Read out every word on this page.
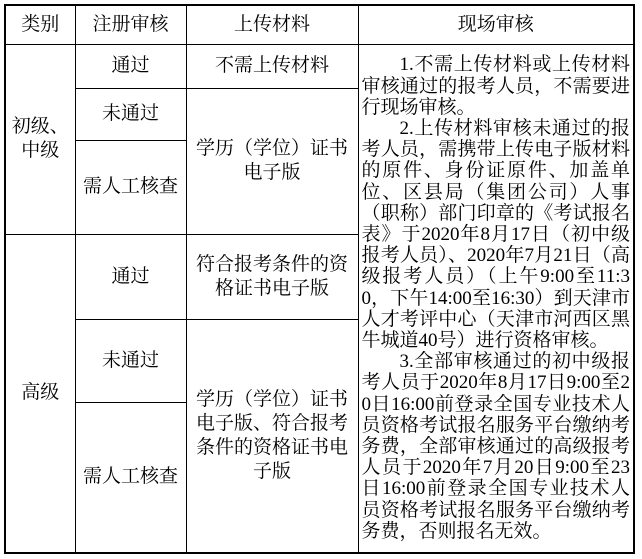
类别	注册审核	上传材料	现场审核
初级、中级	通过	不需上传材料	1.不需上传材料或上传材料审核通过的报考人员，不需要进行现场审核。

2.上传材料审核未通过的报考人员，需携带上传电子版材料的原件、身份证原件、加盖单位、区县局（集团公司）人事（职称）部门印章的《考试报名表》于2020年8月17日（初中级报考人员）、2020年7月21日（高级报考人员）（上午9:00至11:30，下午14:00至16:30）到天津市人才考评中心（天津市河西区黑牛城道40号）进行资格审核。

3.全部审核通过的初中级报考人员于2020年8月17日9:00至20日16:00前登录全国专业技术人员资格考试报名服务平台缴纳考务费，全部审核通过的高级报考人员于2020年7月20日9:00至23日16:00前登录全国专业技术人员资格考试报名服务平台缴纳考务费，否则报名无效。

	未通过	学历（学位）证书电子版	
	需人工核查		
高级	通过	符合报考条件的资格证书电子版	
	未通过	学历（学位）证书电子版、符合报考条件的资格证书电子版	
	需人工核查		
